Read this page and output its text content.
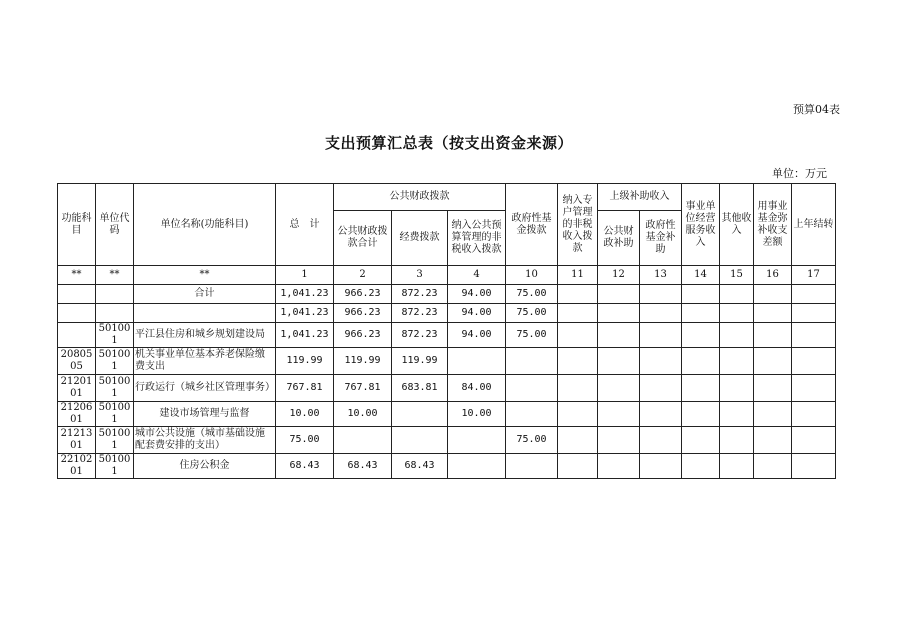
预算04表
支出预算汇总表（按支出资金来源）
单位：万元
功能科目	单位代码	单位名称(功能科目)	总　计	公共财政拨款			政府性基金拨款	纳入专户管理的非税收入拨款	上级补助收入		事业单位经营服务收入	其他收入	用事业基金弥补收支差额	上年结转
				公共财政拨款合计	经费拨款	纳入公共预算管理的非税收入拨款			公共财政补助	政府性基金补助				
**	**	**	1	2	3	4	10	11	12	13	14	15	16	17
		合计	1,041.23	966.23	872.23	94.00	75.00							
			1,041.23	966.23	872.23	94.00	75.00							
	501001	平江县住房和城乡规划建设局	1,041.23	966.23	872.23	94.00	75.00							
2080505	501001	机关事业单位基本养老保险缴费支出	119.99	119.99	119.99									
2120101	501001	行政运行（城乡社区管理事务）	767.81	767.81	683.81	84.00								
2120601	501001	建设市场管理与监督	10.00	10.00		10.00								
2121301	501001	城市公共设施（城市基础设施配套费安排的支出）	75.00				75.00							
2210201	501001	住房公积金	68.43	68.43	68.43									
